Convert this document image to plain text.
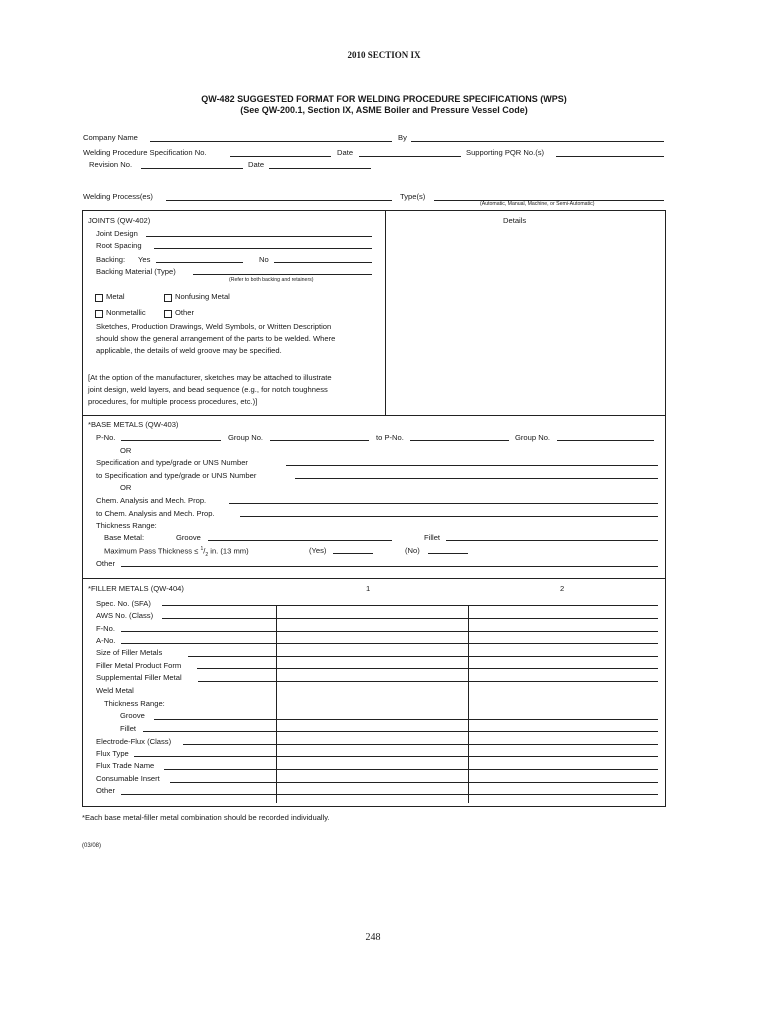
2010 SECTION IX
QW-482 SUGGESTED FORMAT FOR WELDING PROCEDURE SPECIFICATIONS (WPS)
(See QW-200.1, Section IX, ASME Boiler and Pressure Vessel Code)
Company Name	By
Welding Procedure Specification No.	Date	Supporting PQR No.(s)
Revision No.	Date
Welding Process(es)	Type(s)
(Automatic, Manual, Machine, or Semi-Automatic)
JOINTS (QW-402)	Details
Joint Design
Root Spacing
Backing: Yes	No
Backing Material (Type)
(Refer to both backing and retainers)
Metal	Nonfusing Metal
Nonmetallic	Other
Sketches, Production Drawings, Weld Symbols, or Written Description
should show the general arrangement of the parts to be welded. Where
applicable, the details of weld groove may be specified.
[At the option of the manufacturer, sketches may be attached to illustrate
joint design, weld layers, and bead sequence (e.g., for notch toughness
procedures, for multiple process procedures, etc.)]
*BASE METALS (QW-403)
P-No.	Group No.	to P-No.	Group No.
OR
Specification and type/grade or UNS Number
to Specification and type/grade or UNS Number
OR
Chem. Analysis and Mech. Prop.
to Chem. Analysis and Mech. Prop.
Thickness Range:
Base Metal:	Groove	Fillet
Maximum Pass Thickness ≤ $^1/_2$ in. (13 mm)	(Yes)	(No)
Other
*FILLER METALS (QW-404)	1	2
Spec. No. (SFA)
AWS No. (Class)
F-No.
A-No.
Size of Filler Metals
Filler Metal Product Form
Supplemental Filler Metal
Weld Metal
Thickness Range:
Groove
Fillet
Electrode-Flux (Class)
Flux Type
Flux Trade Name
Consumable Insert
Other
*Each base metal-filler metal combination should be recorded individually.
(03/08)
248
